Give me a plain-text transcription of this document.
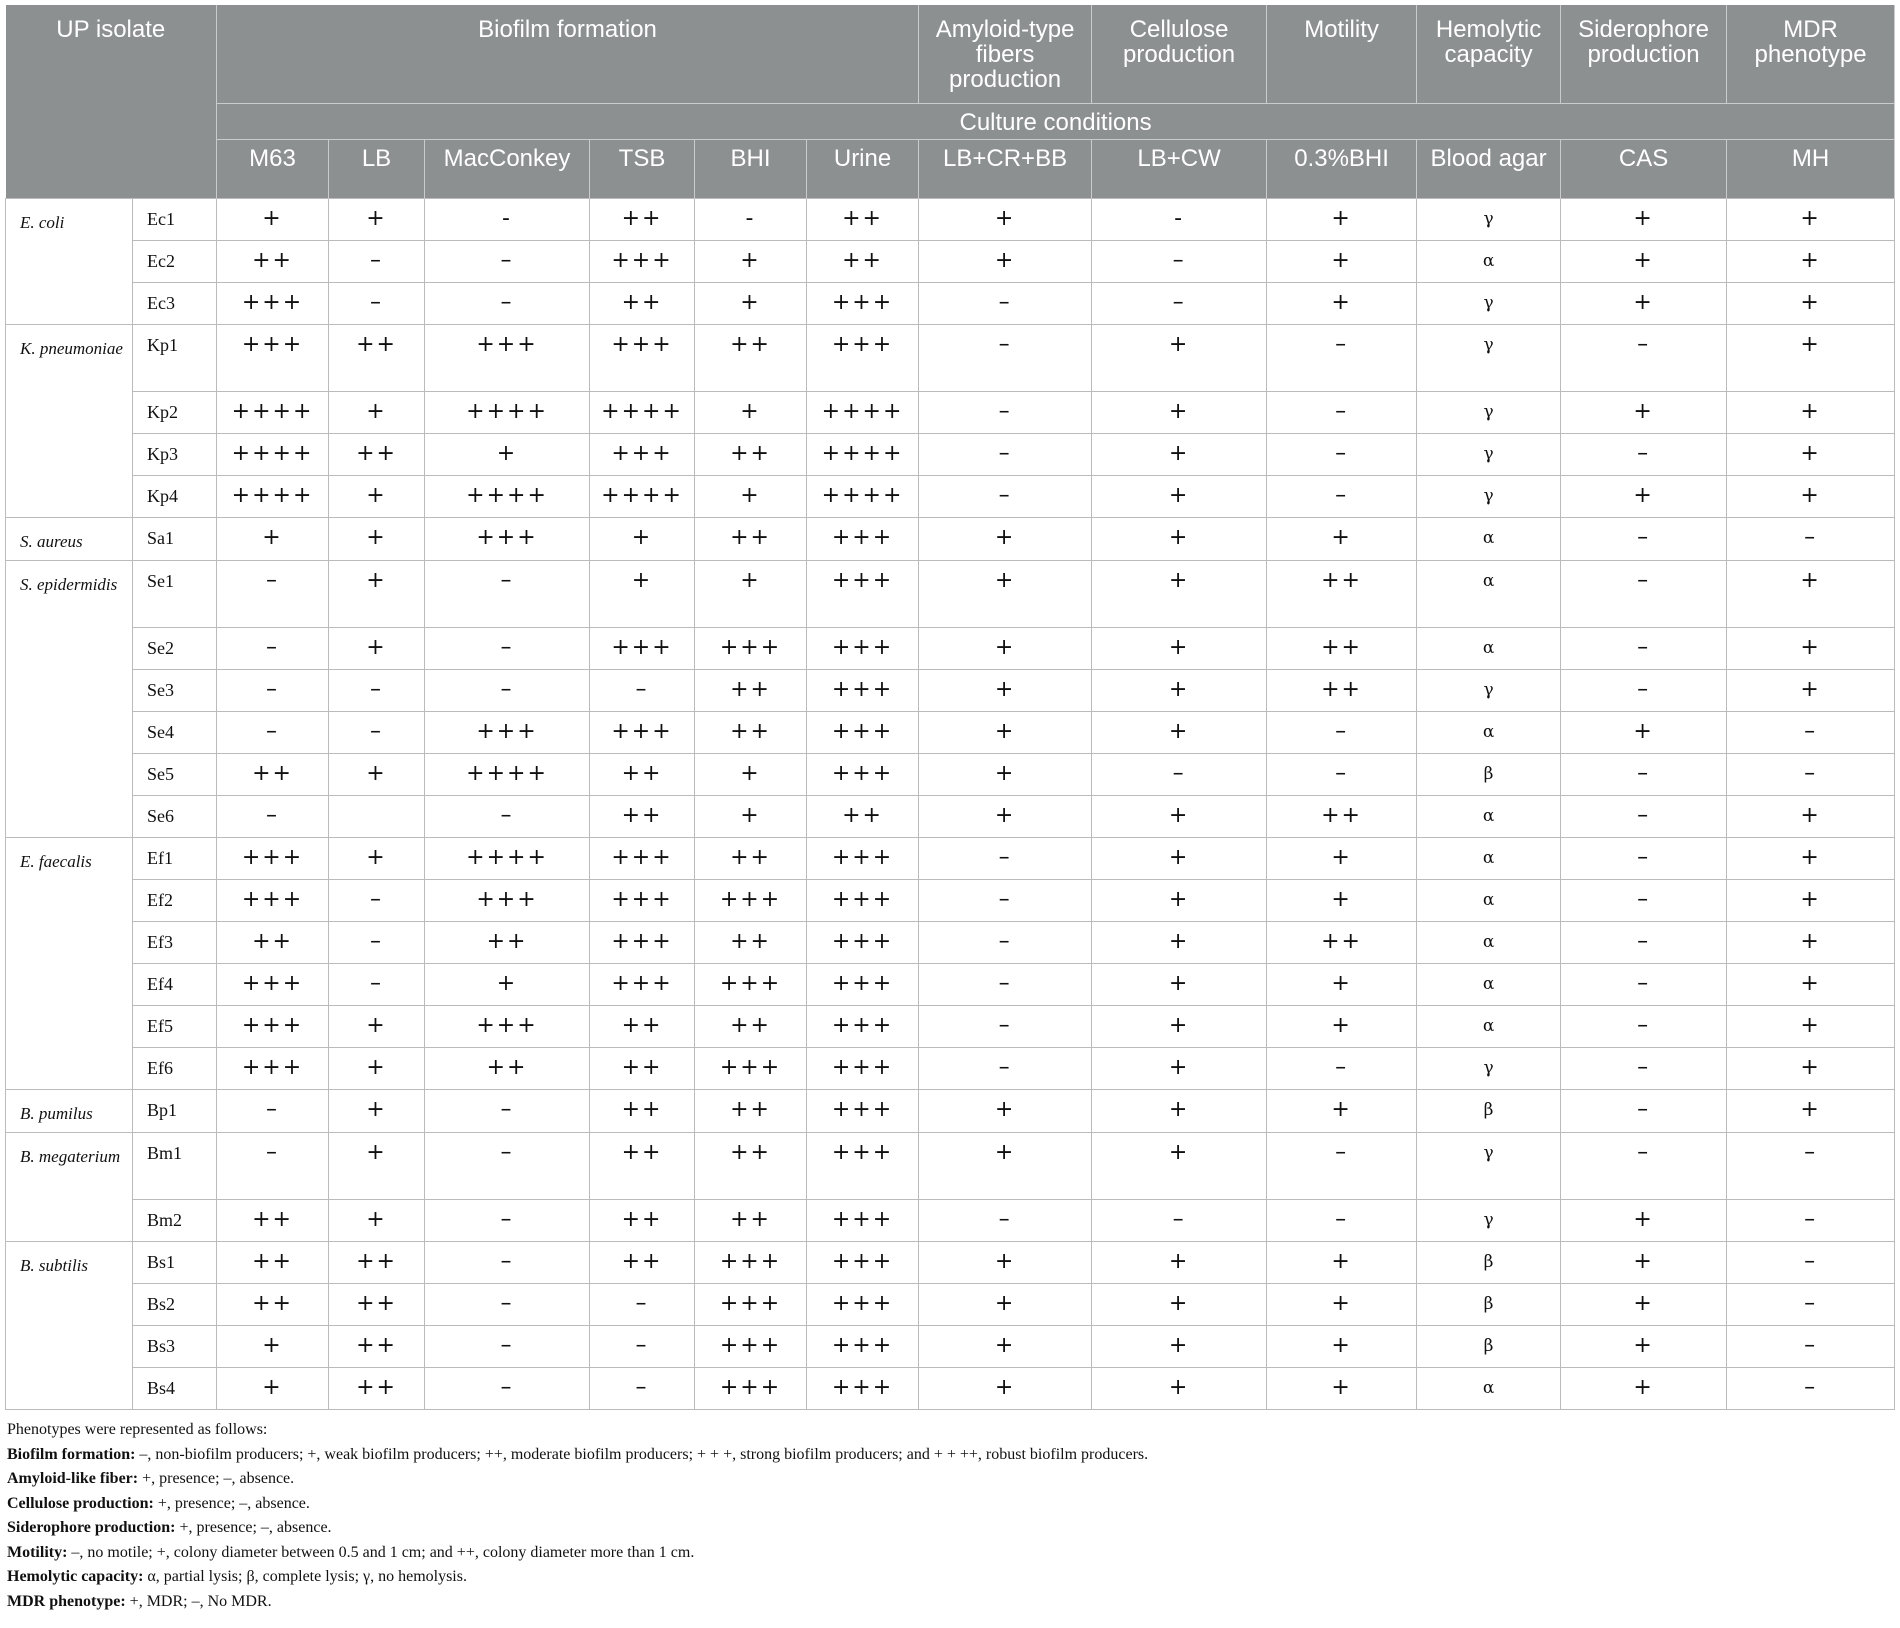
UP isolate		Biofilm formation						Amyloid-type fibers production	Cellulose production	Motility	Hemolytic capacity	Siderophore production	MDR phenotype
		Culture conditions											
		M63	LB	MacConkey	TSB	BHI	Urine	LB+CR+BB	LB+CW	0.3%BHI	Blood agar	CAS	MH
E. coli	Ec1	+	+	-	++	-	++	+	-	+	γ	+	+
	Ec2	++	–	–	+++	+	++	+	–	+	α	+	+
	Ec3	+++	–	–	++	+	+++	–	–	+	γ	+	+
K. pneumoniae	Kp1	+++	++	+++	+++	++	+++	–	+	–	γ	–	+
	Kp2	++++	+	++++	++++	+	++++	–	+	–	γ	+	+
	Kp3	++++	++	+	+++	++	++++	–	+	–	γ	–	+
	Kp4	++++	+	++++	++++	+	++++	–	+	–	γ	+	+
S. aureus	Sa1	+	+	+++	+	++	+++	+	+	+	α	–	–
S. epidermidis	Se1	–	+	–	+	+	+++	+	+	++	α	–	+
	Se2	–	+	–	+++	+++	+++	+	+	++	α	–	+
	Se3	–	–	–	–	++	+++	+	+	++	γ	–	+
	Se4	–	–	+++	+++	++	+++	+	+	–	α	+	–
	Se5	++	+	++++	++	+	+++	+	–	–	β	–	–
	Se6	–		–	++	+	++	+	+	++	α	–	+
E. faecalis	Ef1	+++	+	++++	+++	++	+++	–	+	+	α	–	+
	Ef2	+++	–	+++	+++	+++	+++	–	+	+	α	–	+
	Ef3	++	–	++	+++	++	+++	–	+	++	α	–	+
	Ef4	+++	–	+	+++	+++	+++	–	+	+	α	–	+
	Ef5	+++	+	+++	++	++	+++	–	+	+	α	–	+
	Ef6	+++	+	++	++	+++	+++	–	+	–	γ	–	+
B. pumilus	Bp1	–	+	–	++	++	+++	+	+	+	β	–	+
B. megaterium	Bm1	–	+	–	++	++	+++	+	+	–	γ	–	–
	Bm2	++	+	–	++	++	+++	–	–	–	γ	+	–
B. subtilis	Bs1	++	++	–	++	+++	+++	+	+	+	β	+	–
	Bs2	++	++	–	–	+++	+++	+	+	+	β	+	–
	Bs3	+	++	–	–	+++	+++	+	+	+	β	+	–
	Bs4	+	++	–	–	+++	+++	+	+	+	α	+	–
Phenotypes were represented as follows:
Biofilm formation: –, non-biofilm producers; +, weak biofilm producers; ++, moderate biofilm producers; + + +, strong biofilm producers; and + + ++, robust biofilm producers.
Amyloid-like fiber: +, presence; –, absence.
Cellulose production: +, presence; –, absence.
Siderophore production: +, presence; –, absence.
Motility: –, no motile; +, colony diameter between 0.5 and 1 cm; and ++, colony diameter more than 1 cm.
Hemolytic capacity: α, partial lysis; β, complete lysis; γ, no hemolysis.
MDR phenotype: +, MDR; –, No MDR.
